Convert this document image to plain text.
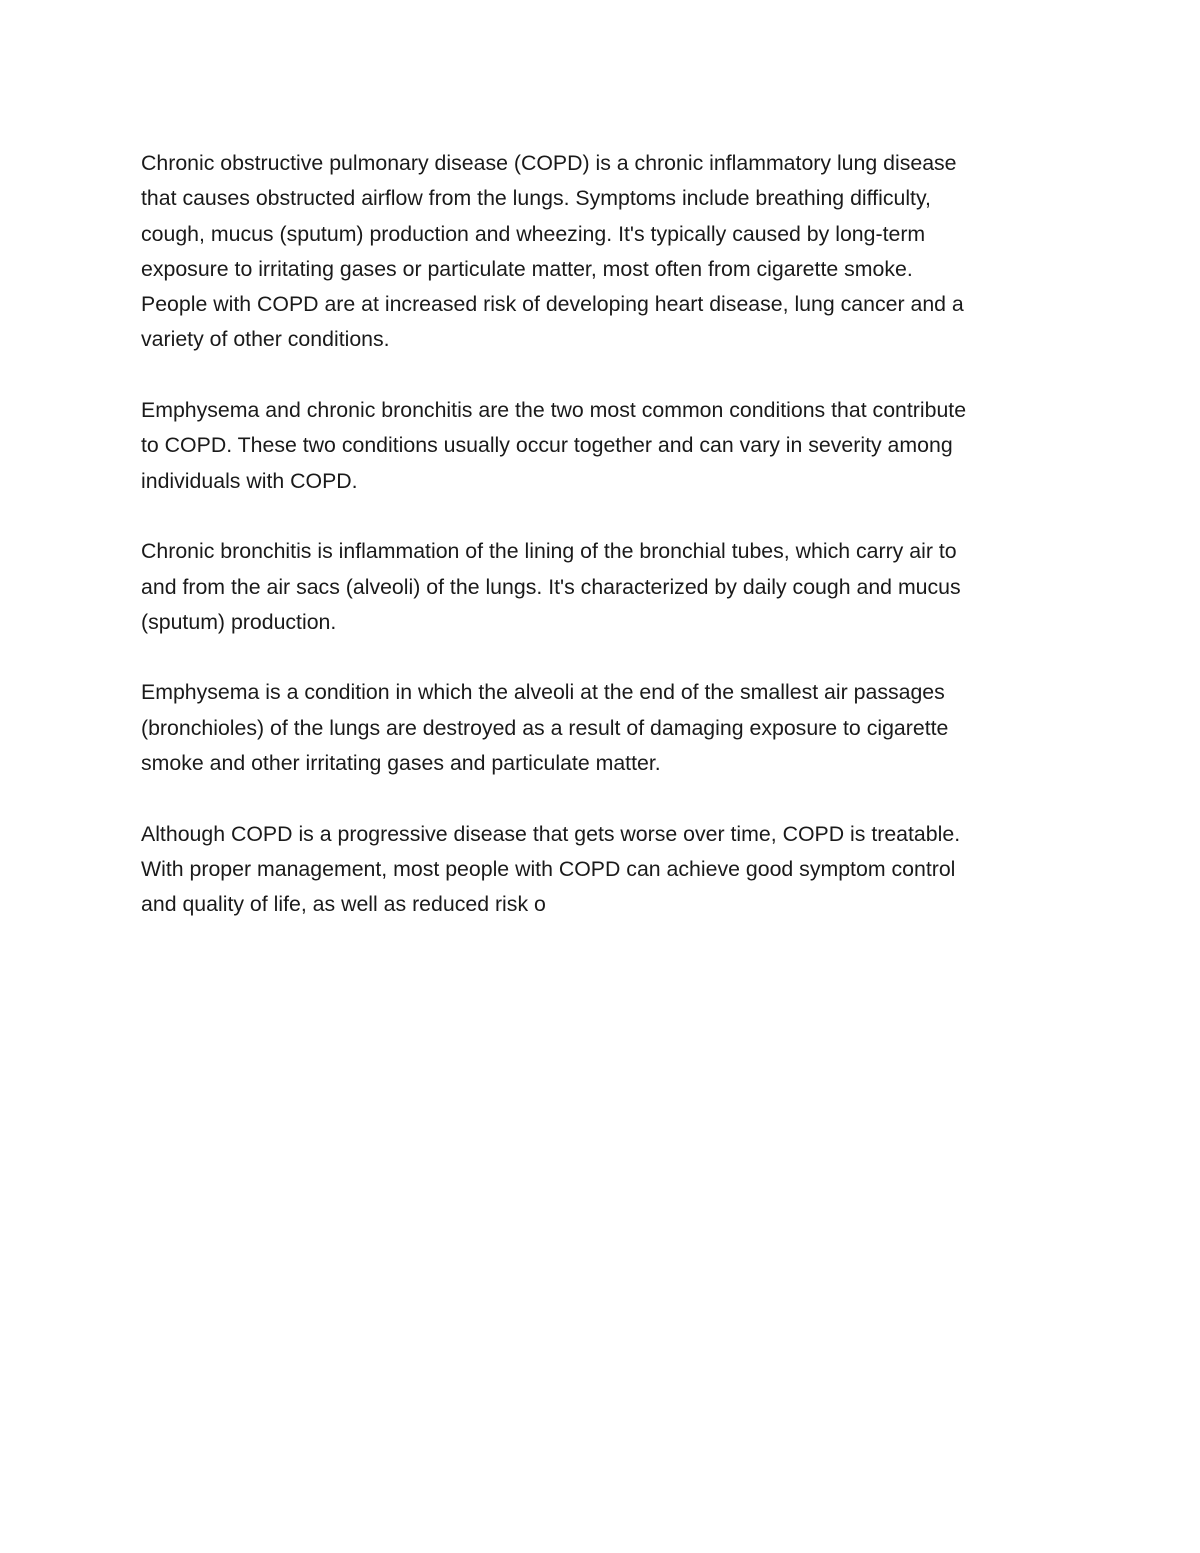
Chronic obstructive pulmonary disease (COPD) is a chronic inflammatory lung disease
that causes obstructed airflow from the lungs. Symptoms include breathing difficulty,
cough, mucus (sputum) production and wheezing. It's typically caused by long-term
exposure to irritating gases or particulate matter, most often from cigarette smoke.
People with COPD are at increased risk of developing heart disease, lung cancer and a
variety of other conditions.

Emphysema and chronic bronchitis are the two most common conditions that contribute
to COPD. These two conditions usually occur together and can vary in severity among
individuals with COPD.

Chronic bronchitis is inflammation of the lining of the bronchial tubes, which carry air to
and from the air sacs (alveoli) of the lungs. It's characterized by daily cough and mucus
(sputum) production.

Emphysema is a condition in which the alveoli at the end of the smallest air passages
(bronchioles) of the lungs are destroyed as a result of damaging exposure to cigarette
smoke and other irritating gases and particulate matter.

Although COPD is a progressive disease that gets worse over time, COPD is treatable.
With proper management, most people with COPD can achieve good symptom control
and quality of life, as well as reduced risk o
